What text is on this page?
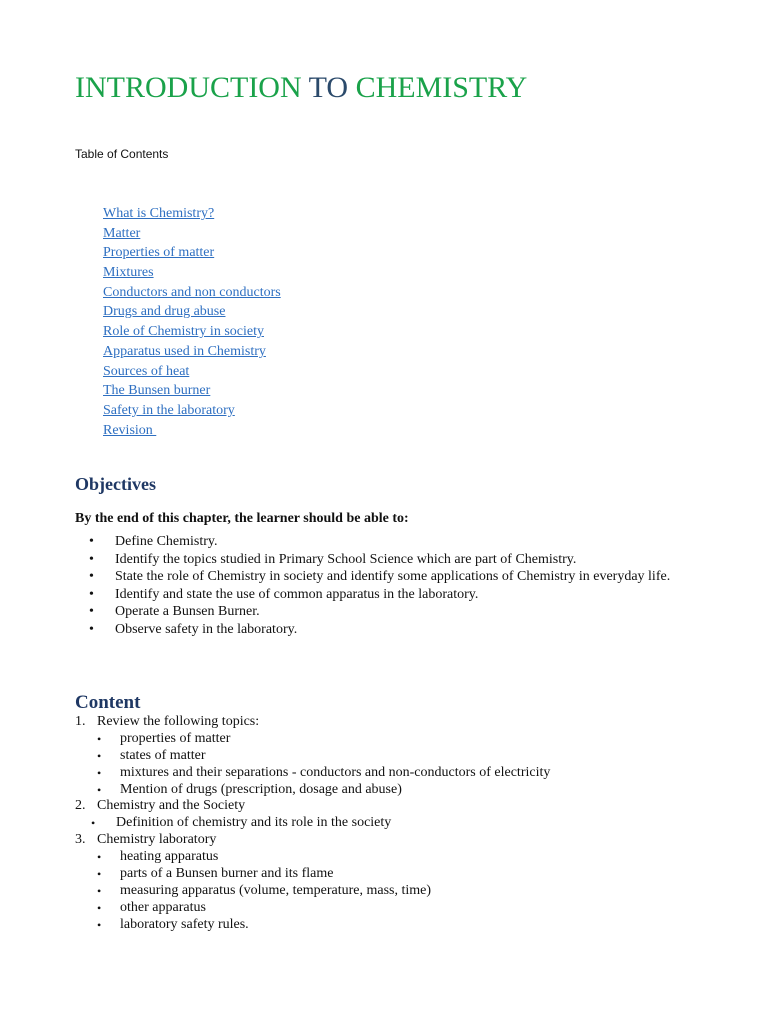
INTRODUCTION TO CHEMISTRY
Table of Contents
What is Chemistry?
Matter
Properties of matter
Mixtures
Conductors and non conductors
Drugs and drug abuse
Role of Chemistry in society
Apparatus used in Chemistry
Sources of heat
The Bunsen burner
Safety in the laboratory
Revision
Objectives
By the end of this chapter, the learner should be able to:
• Define Chemistry.
• Identify the topics studied in Primary School Science which are part of Chemistry.
• State the role of Chemistry in society and identify some applications of Chemistry in everyday life.
• Identify and state the use of common apparatus in the laboratory.
• Operate a Bunsen Burner.
• Observe safety in the laboratory.
Content
1. Review the following topics:
• properties of matter
• states of matter
• mixtures and their separations - conductors and non-conductors of electricity
• Mention of drugs (prescription, dosage and abuse)
2. Chemistry and the Society
• Definition of chemistry and its role in the society
3. Chemistry laboratory
• heating apparatus
• parts of a Bunsen burner and its flame
• measuring apparatus (volume, temperature, mass, time)
• other apparatus
• laboratory safety rules.
